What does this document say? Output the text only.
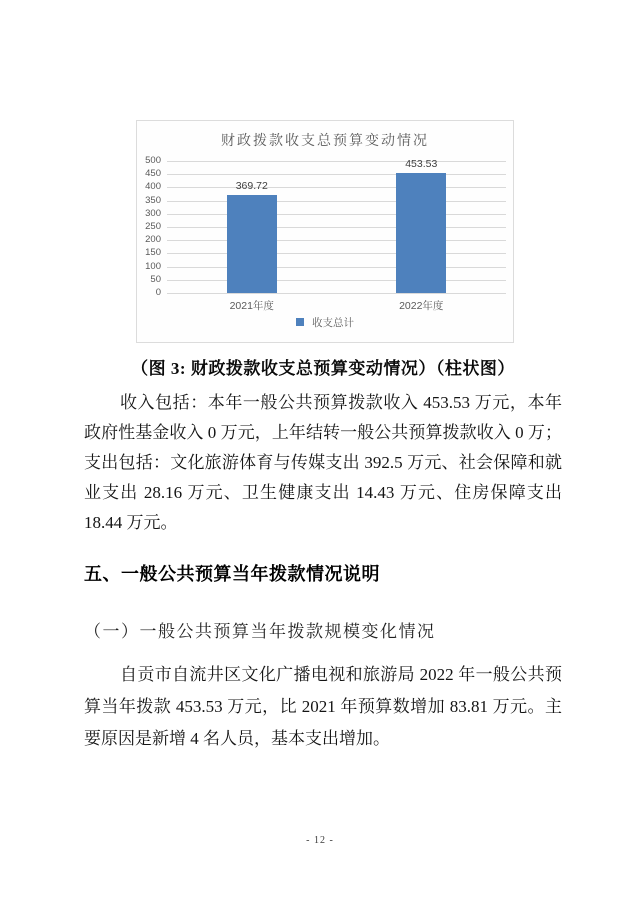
财政拨款收支总预算变动情况
0
50
100
150
200
250
300
350
400
450
500
369.72
453.53
收支总计
2021年度	2022年度
（图 3: 财政拨款收支总预算变动情况）（柱状图）
收入包括：本年一般公共预算拨款收入 453.53 万元，本年政府性基金收入 0 万元，上年结转一般公共预算拨款收入 0 万；支出包括：文化旅游体育与传媒支出 392.5 万元、社会保障和就业支出 28.16 万元、卫生健康支出 14.43 万元、住房保障支出 18.44 万元。
五、一般公共预算当年拨款情况说明
（一）一般公共预算当年拨款规模变化情况
自贡市自流井区文化广播电视和旅游局 2022 年一般公共预算当年拨款 453.53 万元，比 2021 年预算数增加 83.81 万元。主要原因是新增 4 名人员，基本支出增加。
- 12 -
